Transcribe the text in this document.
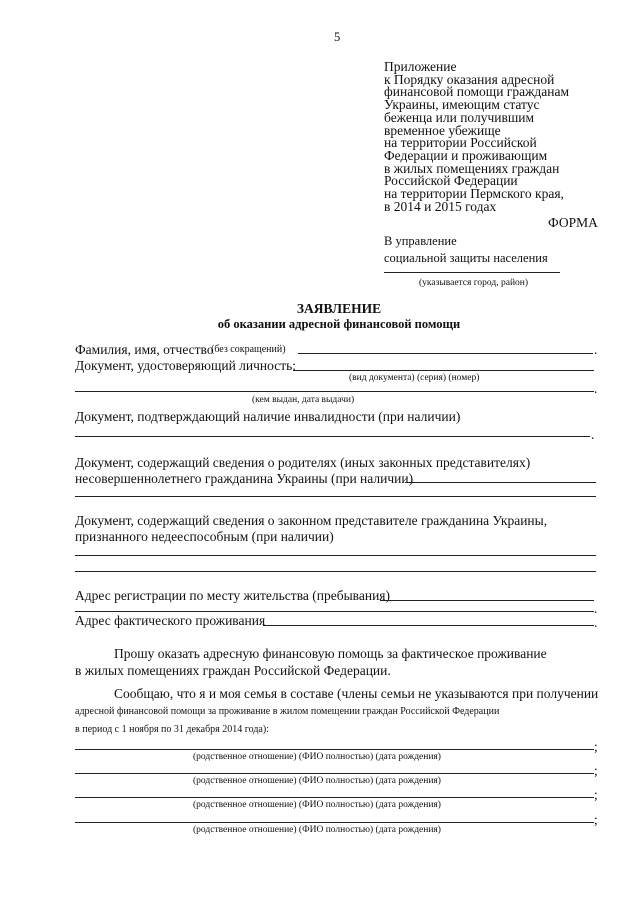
5
Приложение
к Порядку оказания адресной
финансовой помощи гражданам
Украины, имеющим статус
беженца или получившим
временное убежище
на территории Российской
Федерации и проживающим
в жилых помещениях граждан
Российской Федерации
на территории Пермского края,
в 2014 и 2015 годах
ФОРМА
В управление
социальной защиты населения
(указывается город, район)
ЗАЯВЛЕНИЕ
об оказании адресной финансовой помощи
Фамилия, имя, отчество
(без сокращений)	.
Документ, удостоверяющий личность:
(вид документа) (серия) (номер)
.
(кем выдан, дата выдачи)
Документ, подтверждающий наличие инвалидности (при наличии)
.
Документ, содержащий сведения о родителях (иных законных представителях)
несовершеннолетнего гражданина Украины (при наличии)
Документ, содержащий сведения о законном представителе гражданина Украины,
признанного недееспособным (при наличии)
Адрес регистрации по месту жительства (пребывания)
.
Адрес фактического проживания	.
Прошу оказать адресную финансовую помощь за фактическое проживание
в жилых помещениях граждан Российской Федерации.
Сообщаю, что я и моя семья в составе (члены семьи не указываются при получении
адресной финансовой помощи за проживание в жилом помещении граждан Российской Федерации
в период с 1 ноября по 31 декабря 2014 года):
;
(родственное отношение) (ФИО полностью) (дата рождения)
;
(родственное отношение) (ФИО полностью) (дата рождения)
;
(родственное отношение) (ФИО полностью) (дата рождения)
;
(родственное отношение) (ФИО полностью) (дата рождения)
